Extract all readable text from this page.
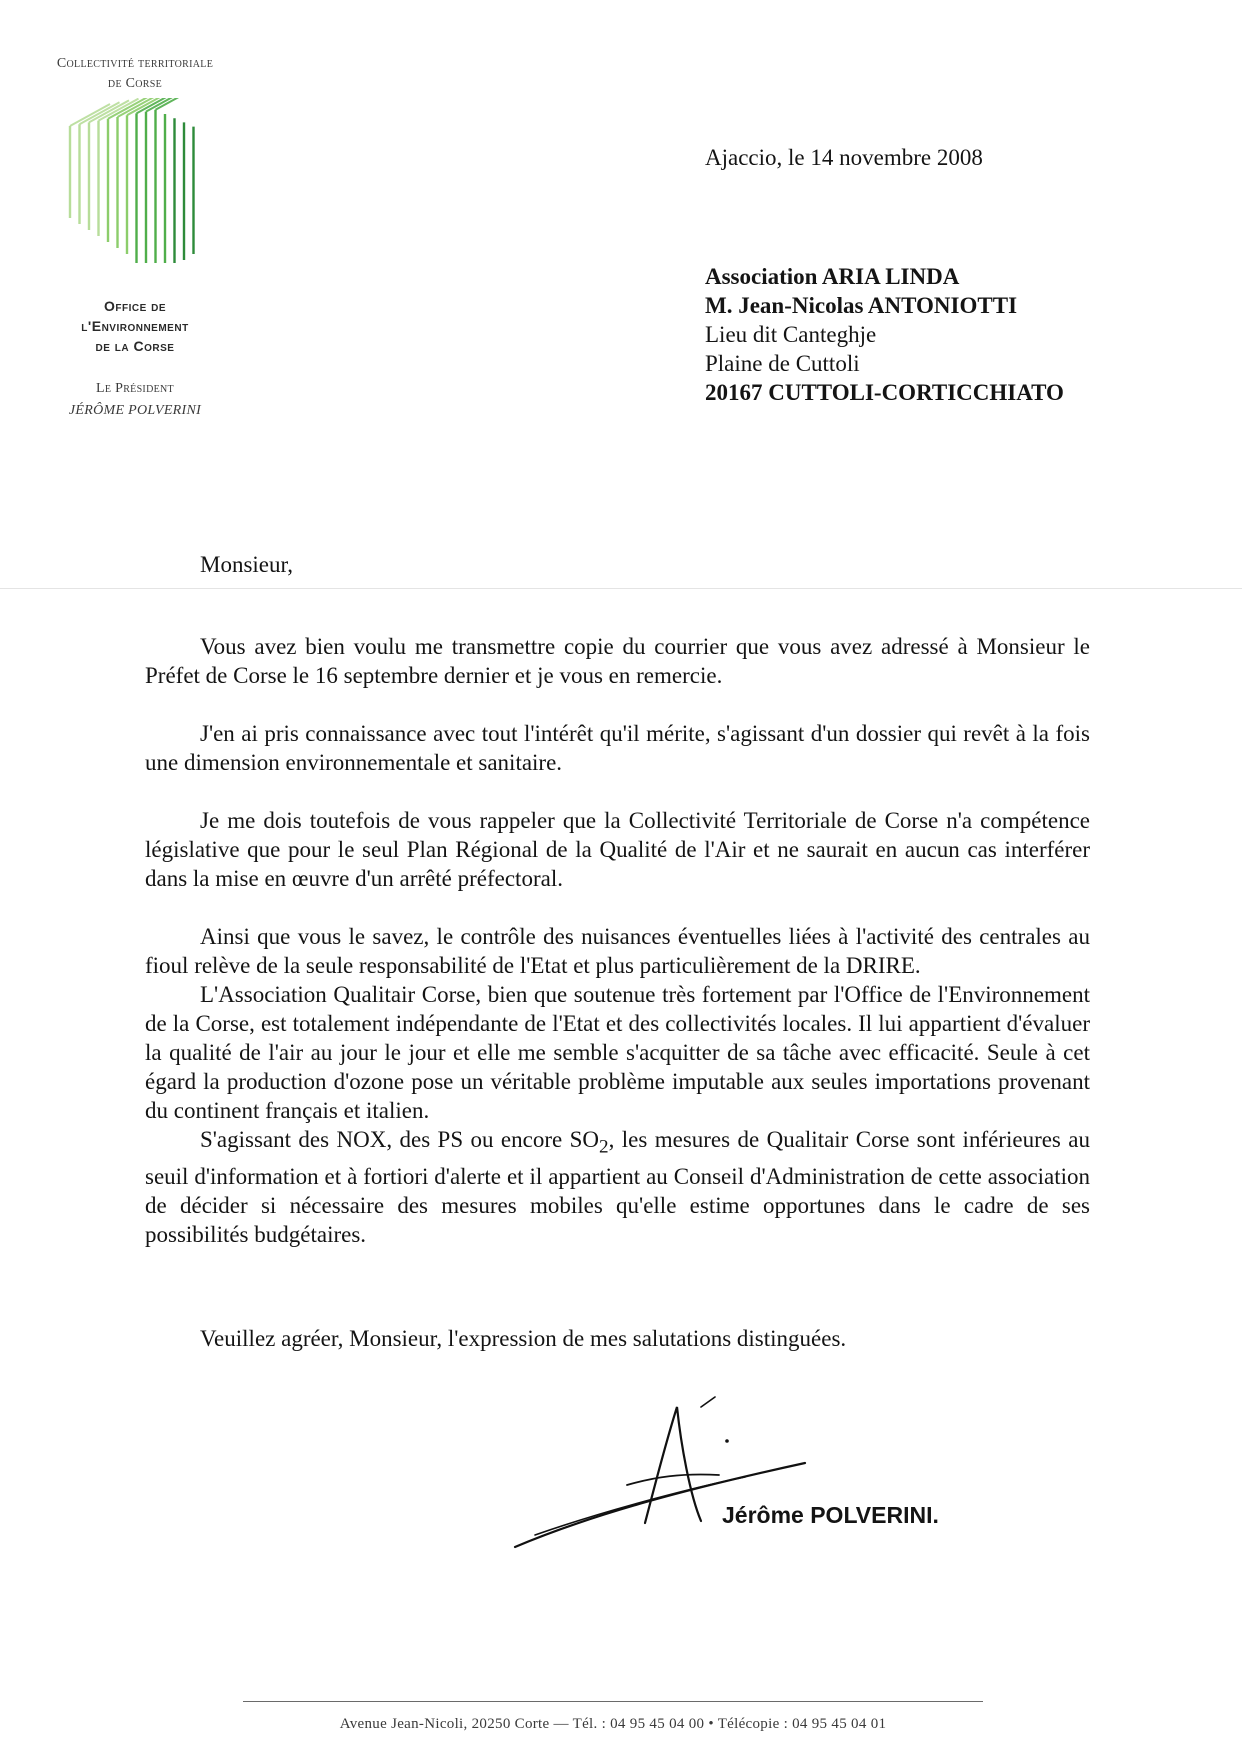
Collectivité territoriale
de Corse
Office de
l'Environnement
de la Corse
Le Président
JÉRÔME POLVERINI
Ajaccio, le 14 novembre 2008
Association ARIA LINDA
M. Jean-Nicolas ANTONIOTTI
Lieu dit Canteghje
Plaine de Cuttoli
20167 CUTTOLI-CORTICCHIATO
Monsieur,

Vous avez bien voulu me transmettre copie du courrier que vous avez adressé à Monsieur le Préfet de Corse le 16 septembre dernier et je vous en remercie.

J'en ai pris connaissance avec tout l'intérêt qu'il mérite, s'agissant d'un dossier qui revêt à la fois une dimension environnementale et sanitaire.

Je me dois toutefois de vous rappeler que la Collectivité Territoriale de Corse n'a compétence législative que pour le seul Plan Régional de la Qualité de l'Air et ne saurait en aucun cas interférer dans la mise en œuvre d'un arrêté préfectoral.

Ainsi que vous le savez, le contrôle des nuisances éventuelles liées à l'activité des centrales au fioul relève de la seule responsabilité de l'Etat et plus particulièrement de la DRIRE.

L'Association Qualitair Corse, bien que soutenue très fortement par l'Office de l'Environnement de la Corse, est totalement indépendante de l'Etat et des collectivités locales. Il lui appartient d'évaluer la qualité de l'air au jour le jour et elle me semble s'acquitter de sa tâche avec efficacité. Seule à cet égard la production d'ozone pose un véritable problème imputable aux seules importations provenant du continent français et italien.

S'agissant des NOX, des PS ou encore $SO_2$, les mesures de Qualitair Corse sont inférieures au seuil d'information et à fortiori d'alerte et il appartient au Conseil d'Administration de cette association de décider si nécessaire des mesures mobiles qu'elle estime opportunes dans le cadre de ses possibilités budgétaires.

Veuillez agréer, Monsieur, l'expression de mes salutations distinguées.
Jérôme POLVERINI.
Avenue Jean-Nicoli, 20250 Corte — Tél. : 04 95 45 04 00 • Télécopie : 04 95 45 04 01
